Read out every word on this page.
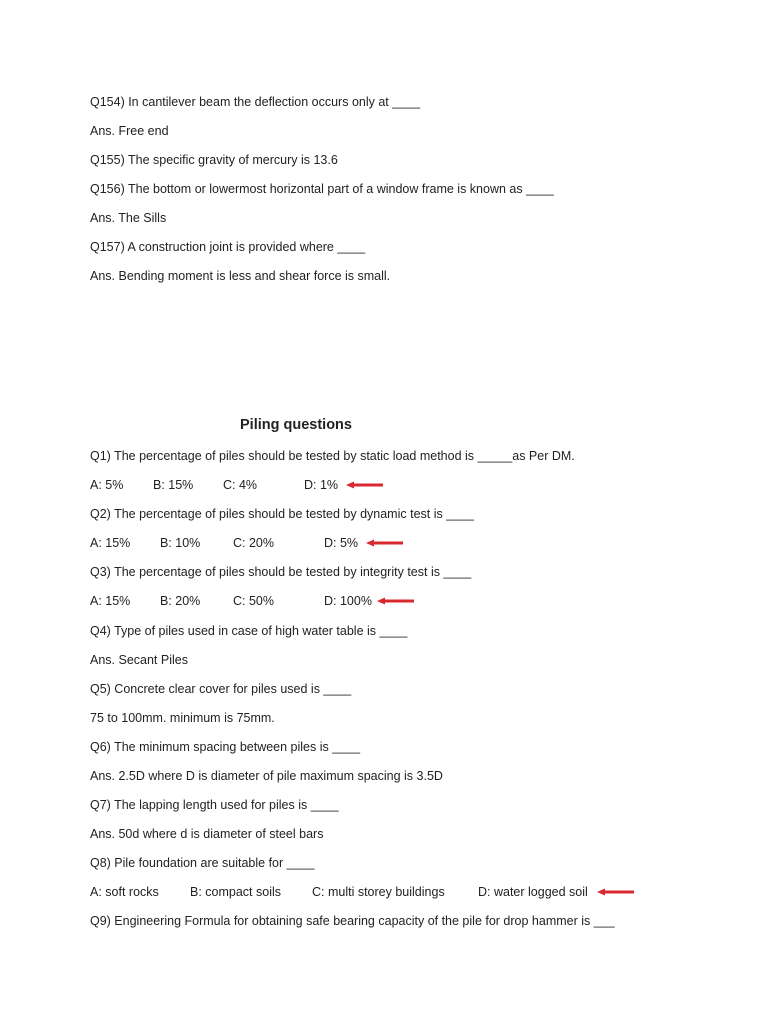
Q154) In cantilever beam the deflection occurs only at ____
Ans. Free end
Q155) The specific gravity of mercury is 13.6
Q156) The bottom or lowermost horizontal part of a window frame is known as ____
Ans. The Sills
Q157) A construction joint is provided where ____
Ans. Bending moment is less and shear force is small.
Piling questions
Q1) The percentage of piles should be tested by static load method is _____as Per DM.
A: 5% B: 15% C: 4%	D: 1%
Q2) The percentage of piles should be tested by dynamic test is ____
A: 15% B: 10%	C: 20%	D: 5%
Q3) The percentage of piles should be tested by integrity test is ____
A: 15% B: 20%	C: 50%	D: 100%
Q4) Type of piles used in case of high water table is ____
Ans. Secant Piles
Q5) Concrete clear cover for piles used is ____
75 to 100mm. minimum is 75mm.
Q6) The minimum spacing between piles is ____
Ans. 2.5D where D is diameter of pile maximum spacing is 3.5D
Q7) The lapping length used for piles is ____
Ans. 50d where d is diameter of steel bars
Q8) Pile foundation are suitable for ____
A: soft rocks B: compact soils C: multi storey buildings	D: water logged soil
Q9) Engineering Formula for obtaining safe bearing capacity of the pile for drop hammer is ___
